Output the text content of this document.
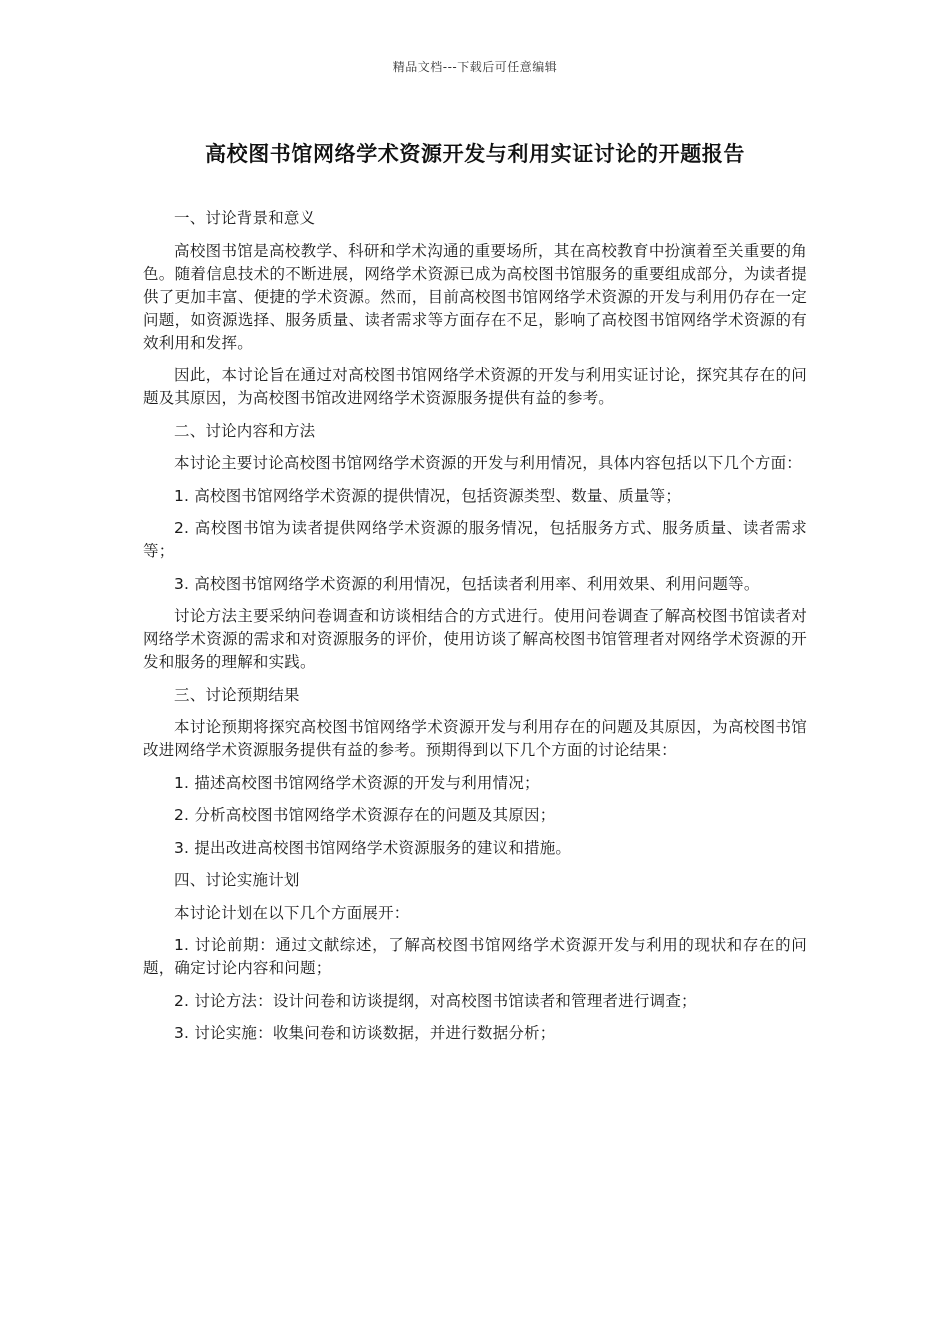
精品文档---下载后可任意编辑
高校图书馆网络学术资源开发与利用实证讨论的开题报告

一、讨论背景和意义

高校图书馆是高校教学、科研和学术沟通的重要场所，其在高校教育中扮演着至关重要的角色。随着信息技术的不断进展，网络学术资源已成为高校图书馆服务的重要组成部分，为读者提供了更加丰富、便捷的学术资源。然而，目前高校图书馆网络学术资源的开发与利用仍存在一定问题，如资源选择、服务质量、读者需求等方面存在不足，影响了高校图书馆网络学术资源的有效利用和发挥。

因此，本讨论旨在通过对高校图书馆网络学术资源的开发与利用实证讨论，探究其存在的问题及其原因，为高校图书馆改进网络学术资源服务提供有益的参考。

二、讨论内容和方法

本讨论主要讨论高校图书馆网络学术资源的开发与利用情况，具体内容包括以下几个方面：

1. 高校图书馆网络学术资源的提供情况，包括资源类型、数量、质量等；

2. 高校图书馆为读者提供网络学术资源的服务情况，包括服务方式、服务质量、读者需求等；

3. 高校图书馆网络学术资源的利用情况，包括读者利用率、利用效果、利用问题等。

讨论方法主要采纳问卷调查和访谈相结合的方式进行。使用问卷调查了解高校图书馆读者对网络学术资源的需求和对资源服务的评价，使用访谈了解高校图书馆管理者对网络学术资源的开发和服务的理解和实践。

三、讨论预期结果

本讨论预期将探究高校图书馆网络学术资源开发与利用存在的问题及其原因，为高校图书馆改进网络学术资源服务提供有益的参考。预期得到以下几个方面的讨论结果：

1. 描述高校图书馆网络学术资源的开发与利用情况；

2. 分析高校图书馆网络学术资源存在的问题及其原因；

3. 提出改进高校图书馆网络学术资源服务的建议和措施。

四、讨论实施计划

本讨论计划在以下几个方面展开：

1. 讨论前期：通过文献综述，了解高校图书馆网络学术资源开发与利用的现状和存在的问题，确定讨论内容和问题；

2. 讨论方法：设计问卷和访谈提纲，对高校图书馆读者和管理者进行调查；

3. 讨论实施：收集问卷和访谈数据，并进行数据分析；
